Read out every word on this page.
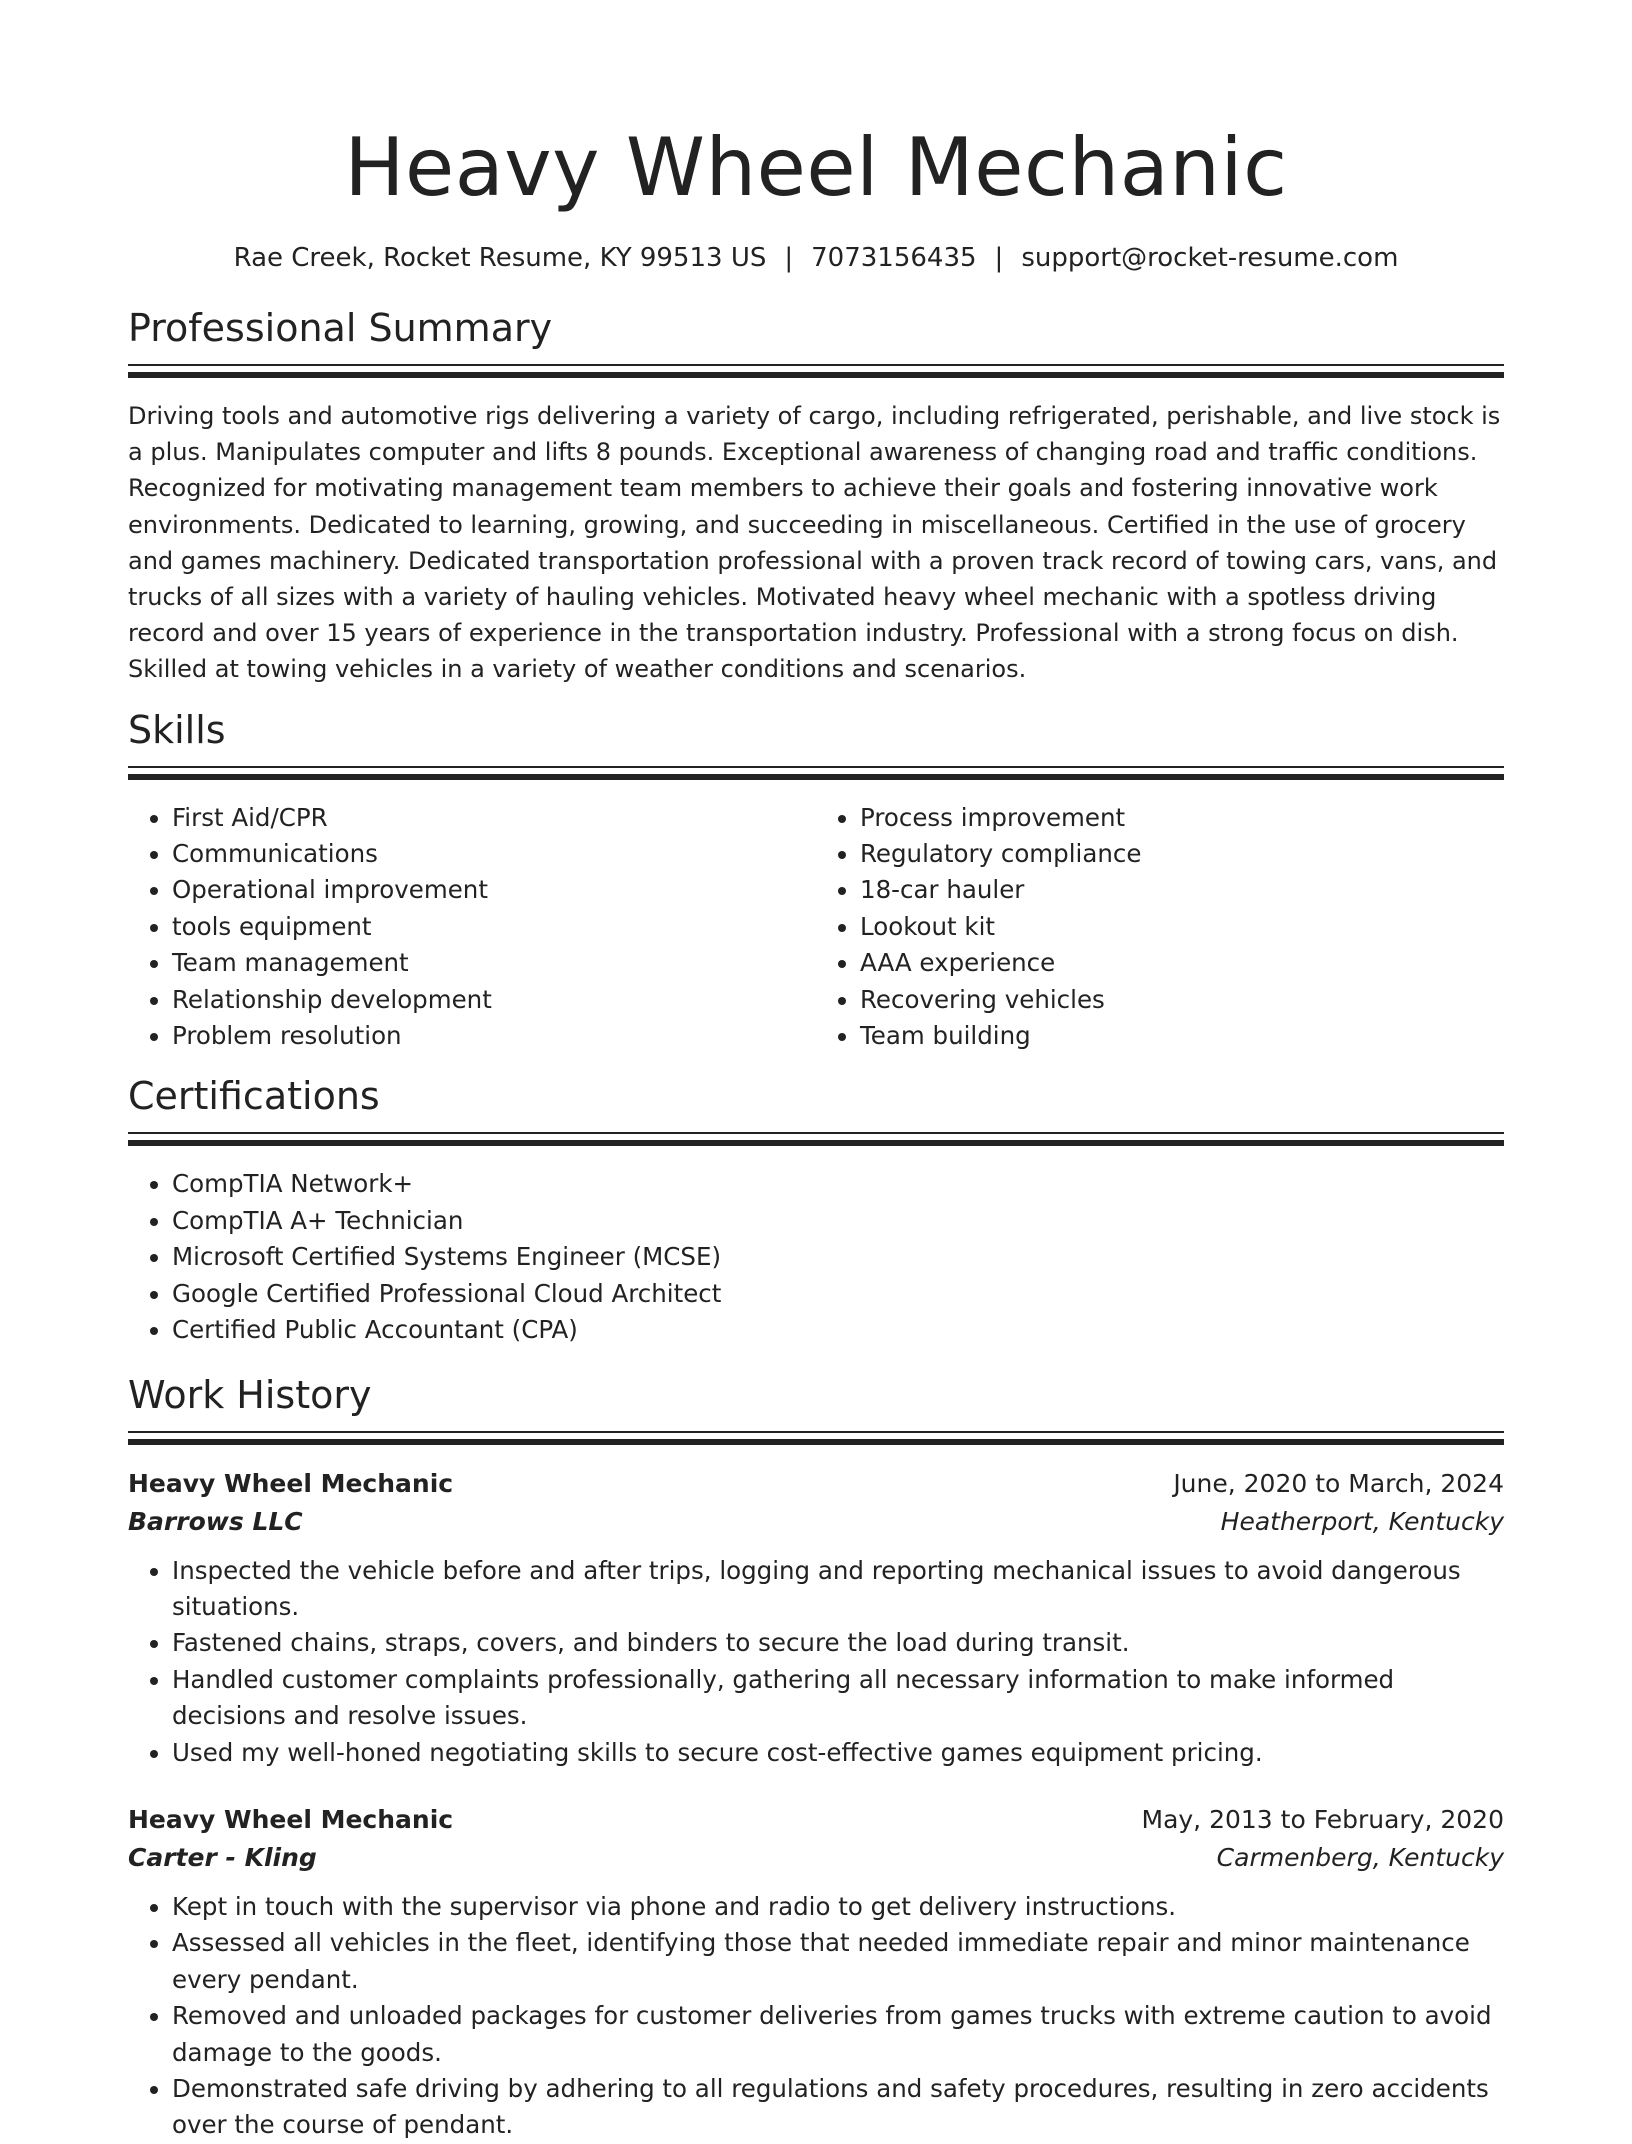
Heavy Wheel Mechanic
Rae Creek, Rocket Resume, KY 99513 US | 7073156435 | support@rocket-resume.com
Professional Summary

Driving tools and automotive rigs delivering a variety of cargo, including refrigerated, perishable, and live stock is a plus. Manipulates computer and lifts 8 pounds. Exceptional awareness of changing road and traffic conditions. Recognized for motivating management team members to achieve their goals and fostering innovative work environments. Dedicated to learning, growing, and succeeding in miscellaneous. Certified in the use of grocery and games machinery. Dedicated transportation professional with a proven track record of towing cars, vans, and trucks of all sizes with a variety of hauling vehicles. Motivated heavy wheel mechanic with a spotless driving record and over 15 years of experience in the transportation industry. Professional with a strong focus on dish. Skilled at towing vehicles in a variety of weather conditions and scenarios.

Skills
• First Aid/CPR
• Communications
• Operational improvement
• tools equipment
• Team management
• Relationship development
• Problem resolution
• Process improvement
• Regulatory compliance
• 18-car hauler
• Lookout kit
• AAA experience
• Recovering vehicles
• Team building
Certifications
• CompTIA Network+
• CompTIA A+ Technician
• Microsoft Certified Systems Engineer (MCSE)
• Google Certified Professional Cloud Architect
• Certified Public Accountant (CPA)
Work History
Heavy Wheel Mechanic	June, 2020 to March, 2024
Barrows LLC	Heatherport, Kentucky
• Inspected the vehicle before and after trips, logging and reporting mechanical issues to avoid dangerous situations.
• Fastened chains, straps, covers, and binders to secure the load during transit.
• Handled customer complaints professionally, gathering all necessary information to make informed decisions and resolve issues.
• Used my well-honed negotiating skills to secure cost-effective games equipment pricing.
Heavy Wheel Mechanic	May, 2013 to February, 2020
Carter - Kling	Carmenberg, Kentucky
• Kept in touch with the supervisor via phone and radio to get delivery instructions.
• Assessed all vehicles in the fleet, identifying those that needed immediate repair and minor maintenance every pendant.
• Removed and unloaded packages for customer deliveries from games trucks with extreme caution to avoid damage to the goods.
• Demonstrated safe driving by adhering to all regulations and safety procedures, resulting in zero accidents over the course of pendant.
